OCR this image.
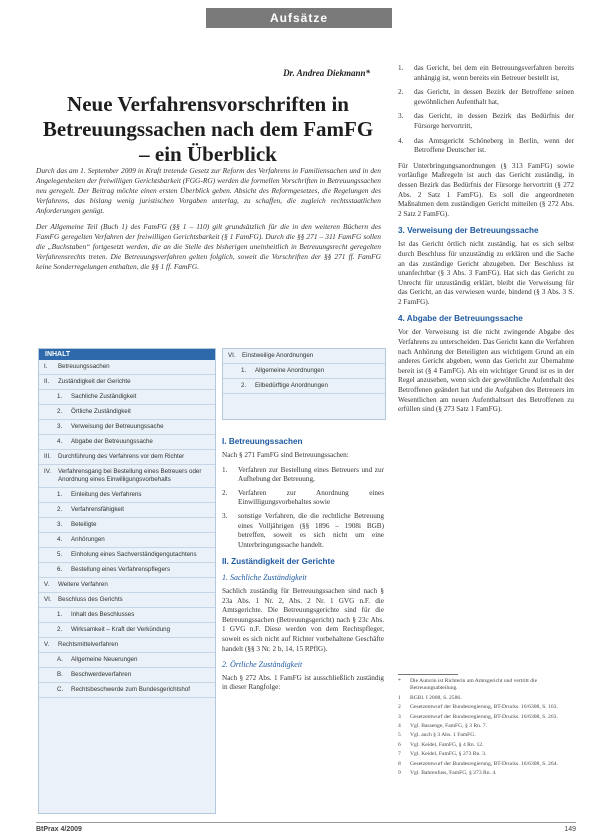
Aufsätze
Dr. Andrea Diekmann*
Neue Verfahrensvorschriften in Betreuungssachen nach dem FamFG – ein Überblick

Durch das am 1. September 2009 in Kraft tretende Gesetz zur Reform des Verfahrens in Familiensachen und in den Angelegenheiten der freiwilligen Gerichtsbarkeit (FGG-RG) werden die formellen Vorschriften in Betreuungssachen neu geregelt. Der Beitrag möchte einen ersten Überblick geben. Absicht des Reformgesetzes, die Regelungen des Verfahrens, das bislang wenig juristischen Vorgaben unterlag, zu schaffen, die zugleich rechtsstaatlichen Anforderungen genügt.

Der Allgemeine Teil (Buch 1) des FamFG (§§ 1 – 110) gilt grundsätzlich für die in den weiteren Büchern des FamFG geregelten Verfahren der freiwilligen Gerichtsbarkeit (§ 1 FamFG). Durch die §§ 271 – 311 FamFG sollen die „Buchstaben“ fortgesetzt werden, die an die Stelle des bisherigen uneinheitlich in Betreuungsrecht geregelten Verfahrensrechts treten. Die Betreuungsverfahren gelten folglich, soweit die Vorschriften der §§ 271 ff. FamFG keine Sonderregelungen enthalten, die §§ 1 ff. FamFG.

1.	das Gericht, bei dem ein Betreuungsverfahren bereits anhängig ist, wenn bereits ein Betreuer bestellt ist,
2.	das Gericht, in dessen Bezirk der Betroffene seinen gewöhnlichen Aufenthalt hat,
3.	das Gericht, in dessen Bezirk das Bedürfnis der Fürsorge hervortritt,
4.	das Amtsgericht Schöneberg in Berlin, wenn der Betroffene Deutscher ist.

Für Unterbringungsanordnungen (§ 313 FamFG) sowie vorläufige Maßregeln ist auch das Gericht zuständig, in dessen Bezirk das Bedürfnis der Fürsorge hervortritt (§ 272 Abs. 2 Satz 1 FamFG). Es soll die angeordneten Maßnahmen dem zuständigen Gericht mitteilen (§ 272 Abs. 2 Satz 2 FamFG).

3. Verweisung der Betreuungssache

Ist das Gericht örtlich nicht zuständig, hat es sich selbst durch Beschluss für unzuständig zu erklären und die Sache an das zuständige Gericht abzugeben. Der Beschluss ist unanfechtbar (§ 3 Abs. 3 FamFG). Hat sich das Gericht zu Unrecht für unzuständig erklärt, bleibt die Verweisung für das Gericht, an das verwiesen wurde, bindend (§ 3 Abs. 3 S. 2 FamFG).

4. Abgabe der Betreuungssache

Vor der Verweisung ist die nicht zwingende Abgabe des Verfahrens zu unterscheiden. Das Gericht kann die Verfahren nach Anhörung der Beteiligten aus wichtigem Grund an ein anderes Gericht abgeben, wenn das Gericht zur Übernahme bereit ist (§ 4 FamFG). Als ein wichtiger Grund ist es in der Regel anzusehen, wenn sich der gewöhnliche Aufenthalt des Betroffenen geändert hat und die Aufgaben des Betreuers im Wesentlichen am neuen Aufenthaltsort des Betroffenen zu erfüllen sind (§ 273 Satz 1 FamFG).

INHALT
I.	Betreuungssachen
II.	Zuständigkeit der Gerichte
1.	Sachliche Zuständigkeit
2.	Örtliche Zuständigkeit
3.	Verweisung der Betreuungssache
4.	Abgabe der Betreuungssache
III.	Durchführung des Verfahrens vor dem Richter
IV.	Verfahrensgang bei Bestellung eines Betreuers oder Anordnung eines Einwilligungsvorbehalts
1.	Einleitung des Verfahrens
2.	Verfahrensfähigkeit
3.	Beteiligte
4.	Anhörungen
5.	Einholung eines Sachverständigengutachtens
6.	Bestellung eines Verfahrenspflegers
V.	Weitere Verfahren
VI.	Beschluss des Gerichts
1.	Inhalt des Beschlusses
2.	Wirksamkeit – Kraft der Verkündung
V.	Rechtsmittelverfahren
A.	Allgemeine Neuerungen
B.	Beschwerdeverfahren
C.	Rechtsbeschwerde zum Bundesgerichtshof
VI.	Einstweilige Anordnungen
1.	Allgemeine Anordnungen
2.	Eilbedürftige Anordnungen
I. Betreuungssachen

Nach § 271 FamFG sind Betreuungssachen:

1.	Verfahren zur Bestellung eines Betreuers und zur Aufhebung der Betreuung,
2.	Verfahren zur Anordnung eines Einwilligungsvorbehaltes sowie
3.	sonstige Verfahren, die die rechtliche Betreuung eines Volljährigen (§§ 1896 – 1908i BGB) betreffen, soweit es sich nicht um eine Unterbringungssache handelt.
II. Zuständigkeit der Gerichte
1. Sachliche Zuständigkeit

Sachlich zuständig für Betreuungssachen sind nach § 23a Abs. 1 Nr. 2, Abs. 2 Nr. 1 GVG n.F. die Amtsgerichte. Die Betreuungsgerichte sind für die Betreuungssachen (Betreuungsgericht) nach § 23c Abs. 1 GVG n.F. Diese werden von dem Rechtspfleger, soweit es sich nicht auf Richter vorbehaltene Geschäfte handelt (§§ 3 Nr. 2 b, 14, 15 RPflG).

2. Örtliche Zuständigkeit

Nach § 272 Abs. 1 FamFG ist ausschließlich zuständig in dieser Rangfolge:

*	Die Autorin ist Richterin am Amtsgericht und vertritt die Betreuungsabteilung.
1	BGBl. I 2008, S. 2586.
2	Gesetzentwurf der Bundesregierung, BT-Drucks. 16/6308, S. 163.
3	Gesetzentwurf der Bundesregierung, BT-Drucks. 16/6308, S. 263.
4	Vgl. Bassenge, FamFG, § 3 Rn. 7.
5	Vgl. auch § 3 Abs. 1 FamFG.
6	Vgl. Keidel, FamFG, § 4 Rn. 12.
7	Vgl. Keidel, FamFG, § 273 Rn. 3.
8	Gesetzentwurf der Bundesregierung, BT-Drucks. 16/6308, S. 264.
9	Vgl. Bahrenfuss, FamFG, § 273 Rn. 4.
BtPrax 4/2009	149
